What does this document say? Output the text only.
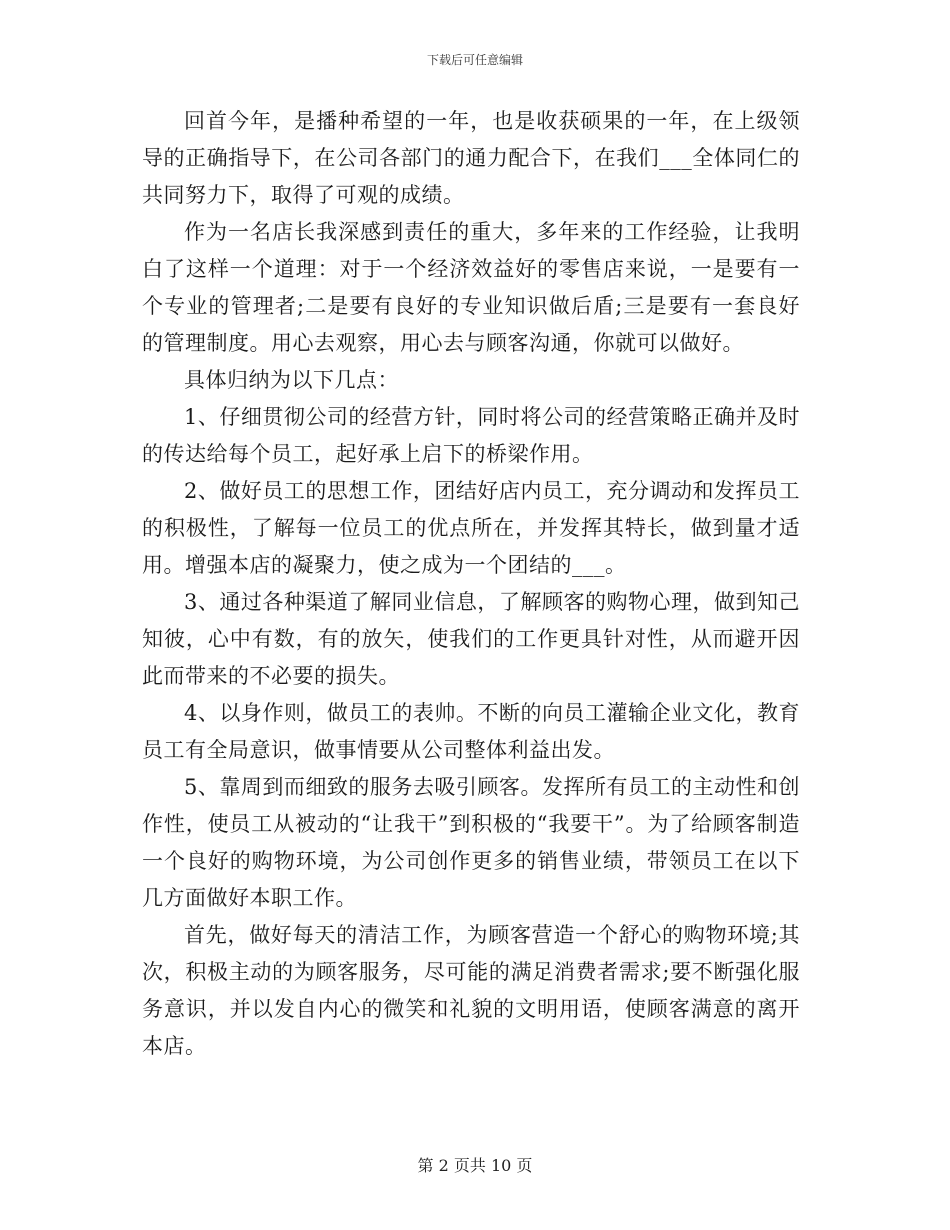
下载后可任意编辑

回首今年，是播种希望的一年，也是收获硕果的一年，在上级领导的正确指导下，在公司各部门的通力配合下，在我们___全体同仁的共同努力下，取得了可观的成绩。

作为一名店长我深感到责任的重大，多年来的工作经验，让我明白了这样一个道理：对于一个经济效益好的零售店来说，一是要有一个专业的管理者;二是要有良好的专业知识做后盾;三是要有一套良好的管理制度。用心去观察，用心去与顾客沟通，你就可以做好。

具体归纳为以下几点：

1、仔细贯彻公司的经营方针，同时将公司的经营策略正确并及时的传达给每个员工，起好承上启下的桥梁作用。

2、做好员工的思想工作，团结好店内员工，充分调动和发挥员工的积极性，了解每一位员工的优点所在，并发挥其特长，做到量才适用。增强本店的凝聚力，使之成为一个团结的___。

3、通过各种渠道了解同业信息，了解顾客的购物心理，做到知己知彼，心中有数，有的放矢，使我们的工作更具针对性，从而避开因此而带来的不必要的损失。

4、以身作则，做员工的表帅。不断的向员工灌输企业文化，教育员工有全局意识，做事情要从公司整体利益出发。

5、靠周到而细致的服务去吸引顾客。发挥所有员工的主动性和创作性，使员工从被动的“让我干”到积极的“我要干”。为了给顾客制造一个良好的购物环境，为公司创作更多的销售业绩，带领员工在以下几方面做好本职工作。

首先，做好每天的清洁工作，为顾客营造一个舒心的购物环境;其次，积极主动的为顾客服务，尽可能的满足消费者需求;要不断强化服务意识，并以发自内心的微笑和礼貌的文明用语，使顾客满意的离开本店。

第 2 页共 10 页
